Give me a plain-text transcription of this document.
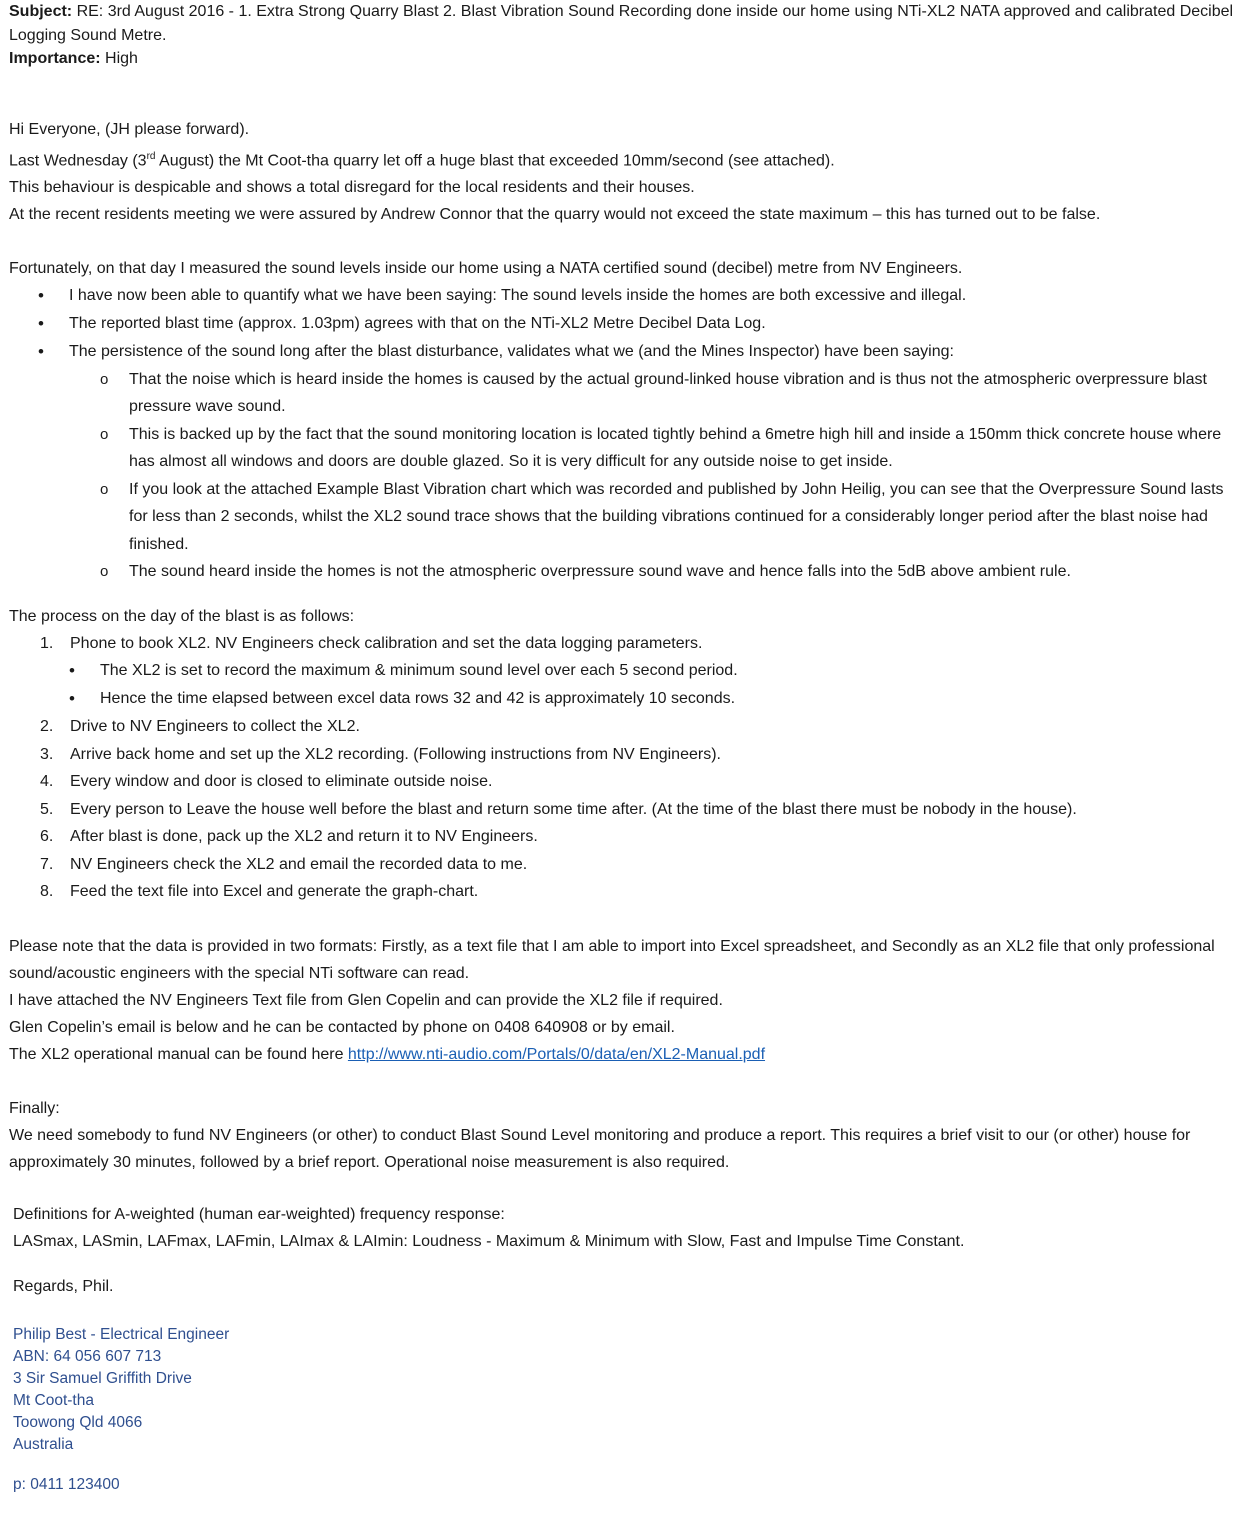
Subject: RE: 3rd August 2016 - 1. Extra Strong Quarry Blast 2. Blast Vibration Sound Recording done inside our home using NTi-XL2 NATA approved and calibrated Decibel Logging Sound Metre.

Importance: High

Hi Everyone, (JH please forward).

Last Wednesday (3rd August) the Mt Coot-tha quarry let off a huge blast that exceeded 10mm/second (see attached).

This behaviour is despicable and shows a total disregard for the local residents and their houses.

At the recent residents meeting we were assured by Andrew Connor that the quarry would not exceed the state maximum – this has turned out to be false.

Fortunately, on that day I measured the sound levels inside our home using a NATA certified sound (decibel) metre from NV Engineers.

• I have now been able to quantify what we have been saying: The sound levels inside the homes are both excessive and illegal.
• The reported blast time (approx. 1.03pm) agrees with that on the NTi-XL2 Metre Decibel Data Log.
• The persistence of the sound long after the blast disturbance, validates what we (and the Mines Inspector) have been saying:
o That the noise which is heard inside the homes is caused by the actual ground-linked house vibration and is thus not the atmospheric overpressure blast pressure wave sound.
o This is backed up by the fact that the sound monitoring location is located tightly behind a 6metre high hill and inside a 150mm thick concrete house where has almost all windows and doors are double glazed. So it is very difficult for any outside noise to get inside.
o If you look at the attached Example Blast Vibration chart which was recorded and published by John Heilig, you can see that the Overpressure Sound lasts for less than 2 seconds, whilst the XL2 sound trace shows that the building vibrations continued for a considerably longer period after the blast noise had finished.
o The sound heard inside the homes is not the atmospheric overpressure sound wave and hence falls into the 5dB above ambient rule.

The process on the day of the blast is as follows:

1. Phone to book XL2. NV Engineers check calibration and set the data logging parameters.
• The XL2 is set to record the maximum & minimum sound level over each 5 second period.
• Hence the time elapsed between excel data rows 32 and 42 is approximately 10 seconds.
2. Drive to NV Engineers to collect the XL2.
3. Arrive back home and set up the XL2 recording. (Following instructions from NV Engineers).
4. Every window and door is closed to eliminate outside noise.
5. Every person to Leave the house well before the blast and return some time after. (At the time of the blast there must be nobody in the house).
6. After blast is done, pack up the XL2 and return it to NV Engineers.
7. NV Engineers check the XL2 and email the recorded data to me.
8. Feed the text file into Excel and generate the graph-chart.

Please note that the data is provided in two formats: Firstly, as a text file that I am able to import into Excel spreadsheet, and Secondly as an XL2 file that only professional sound/acoustic engineers with the special NTi software can read.

I have attached the NV Engineers Text file from Glen Copelin and can provide the XL2 file if required.

Glen Copelin’s email is below and he can be contacted by phone on 0408 640908 or by email.

The XL2 operational manual can be found here http://www.nti-audio.com/Portals/0/data/en/XL2-Manual.pdf

Finally:

We need somebody to fund NV Engineers (or other) to conduct Blast Sound Level monitoring and produce a report. This requires a brief visit to our (or other) house for approximately 30 minutes, followed by a brief report. Operational noise measurement is also required.

Definitions for A-weighted (human ear-weighted) frequency response:

LASmax, LASmin, LAFmax, LAFmin, LAImax & LAImin: Loudness - Maximum & Minimum with Slow, Fast and Impulse Time Constant.

Regards, Phil.

Philip Best - Electrical Engineer

ABN: 64 056 607 713

3 Sir Samuel Griffith Drive

Mt Coot-tha

Toowong Qld 4066

Australia

p: 0411 123400
